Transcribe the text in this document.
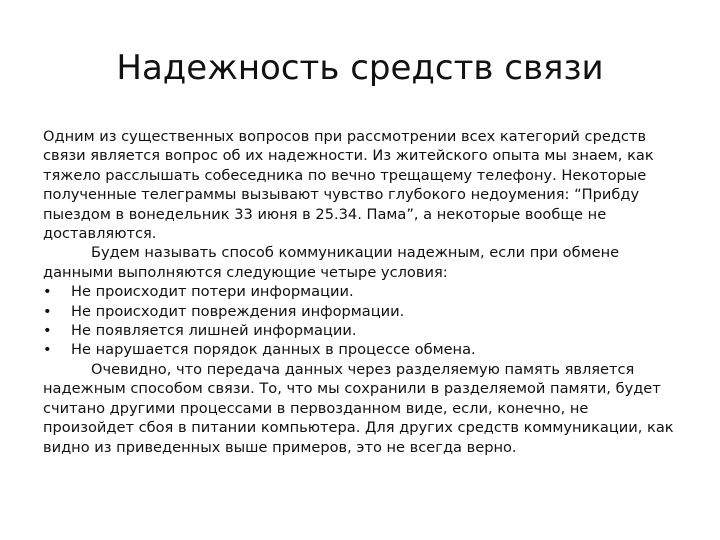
Надежность средств связи

Одним из существенных вопросов при рассмотрении всех категорий средств связи является вопрос об их надежности. Из житейского опыта мы знаем, как тяжело расслышать собеседника по вечно трещащему телефону. Некоторые полученные телеграммы вызывают чувство глубокого недоумения: “Прибду пыездом в вонедельник 33 июня в 25.34. Пама”, а некоторые вообще не доставляются.

Будем называть способ коммуникации надежным, если при обмене данными выполняются следующие четыре условия:

•	Не происходит потери информации.
•	Не происходит повреждения информации.
•	Не появляется лишней информации.
•	Не нарушается порядок данных в процессе обмена.

Очевидно, что передача данных через разделяемую память является надежным способом связи. То, что мы сохранили в разделяемой памяти, будет считано другими процессами в первозданном виде, если, конечно, не произойдет сбоя в питании компьютера. Для других средств коммуникации, как видно из приведенных выше примеров, это не всегда верно.
